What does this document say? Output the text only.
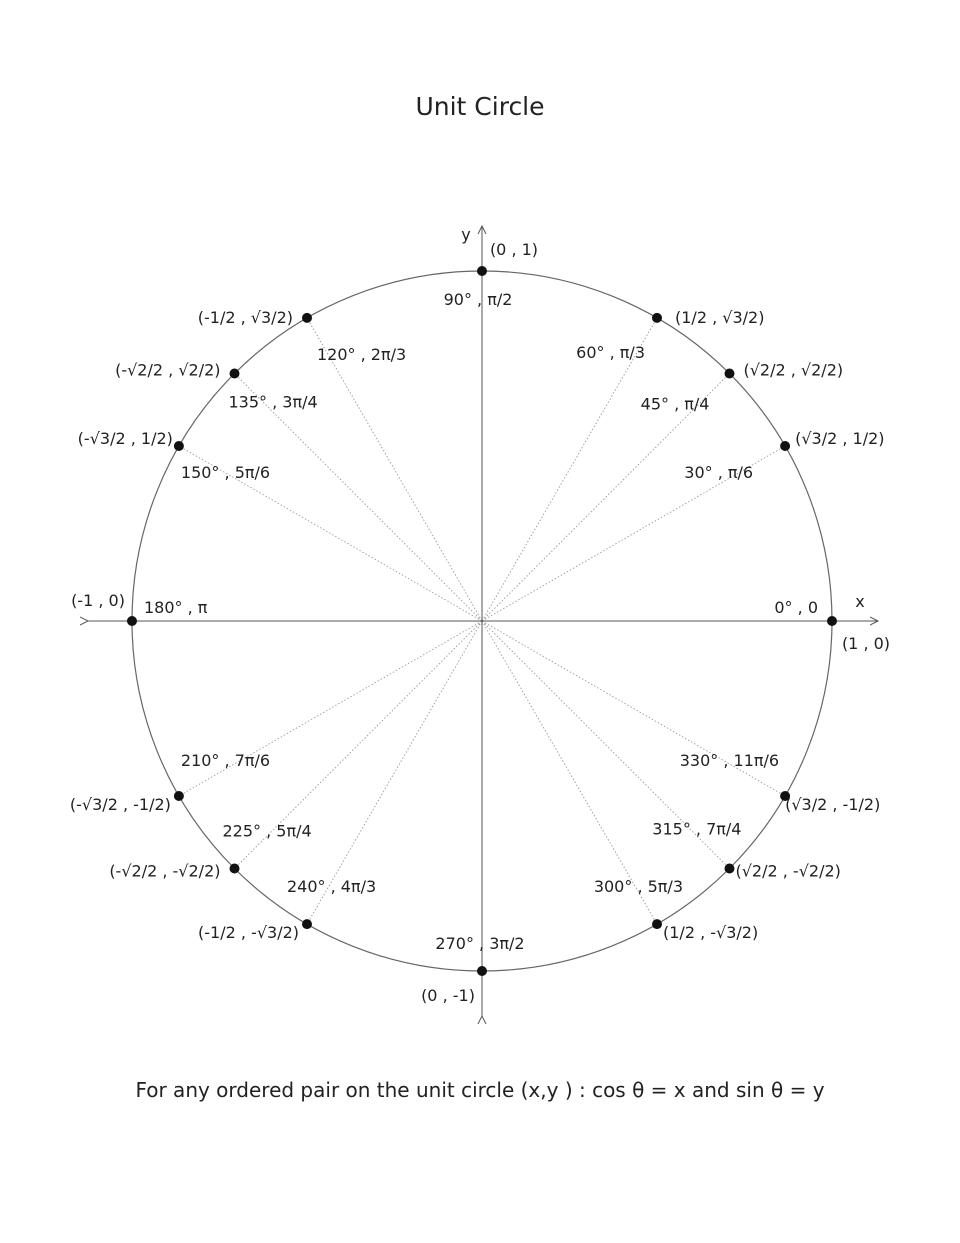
Unit Circle
x
y
0° , 0
(1 , 0)
30° , π/6
(√3/2 , 1/2)
45° , π/4
(√2/2 , √2/2)
60° , π/3
(1/2 , √3/2)
90° , π/2
(0 , 1)
120° , 2π/3
(-1/2 , √3/2)
135° , 3π/4
(-√2/2 , √2/2)
150° , 5π/6
(-√3/2 , 1/2)
180° , π
(-1 , 0)
210° , 7π/6
(-√3/2 , -1/2)
225° , 5π/4
(-√2/2 , -√2/2)
240° , 4π/3
(-1/2 , -√3/2)
270° , 3π/2
(0 , -1)
300° , 5π/3
(1/2 , -√3/2)
315° , 7π/4
(√2/2 , -√2/2)
330° , 11π/6
(√3/2 , -1/2)
For any ordered pair on the unit circle (x,y ) : cos θ = x and sin θ = y
